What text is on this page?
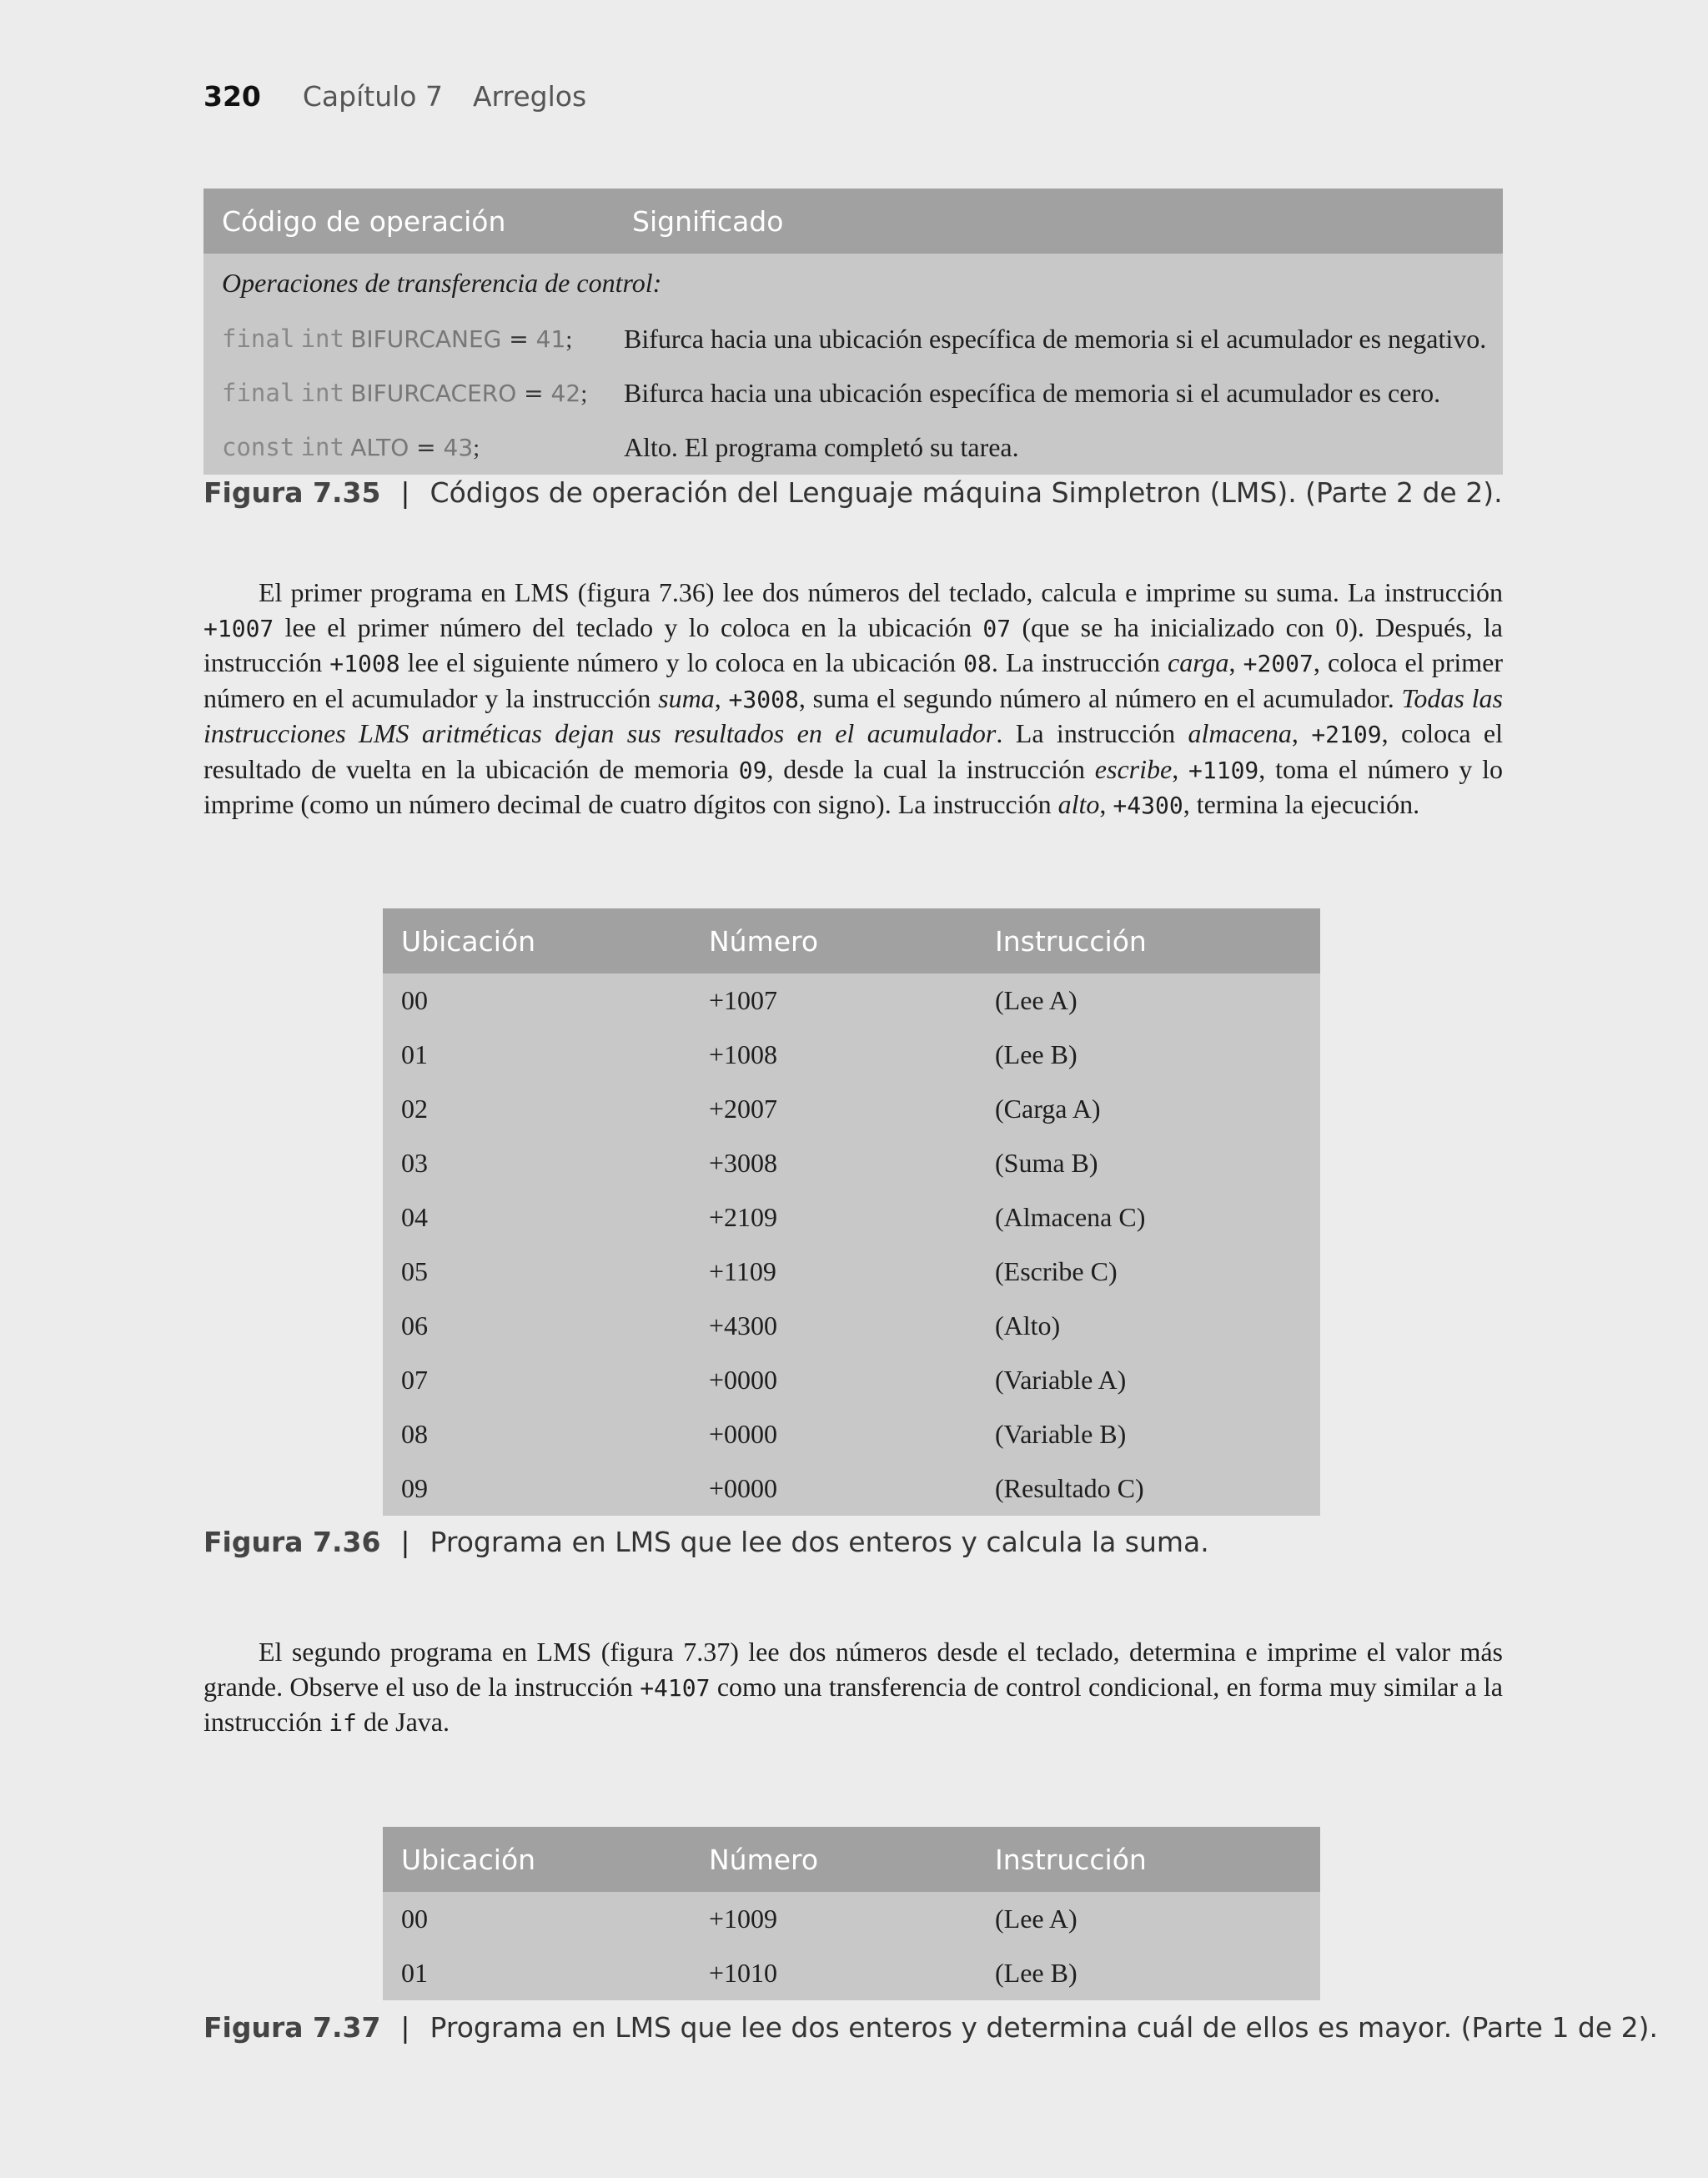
320 Capítulo 7 Arreglos
Código de operación	Significado
Operaciones de transferencia de control:	
final int BIFURCANEG = 41;	Bifurca hacia una ubicación específica de memoria si el acumulador es negativo.
final int BIFURCACERO = 42;	Bifurca hacia una ubicación específica de memoria si el acumulador es cero.
const int ALTO = 43;	Alto. El programa completó su tarea.
Figura 7.35 | Códigos de operación del Lenguaje máquina Simpletron (LMS). (Parte 2 de 2).

El primer programa en LMS (figura 7.36) lee dos números del teclado, calcula e imprime su suma. La instrucción +1007 lee el primer número del teclado y lo coloca en la ubicación 07 (que se ha inicializado con 0). Después, la instrucción +1008 lee el siguiente número y lo coloca en la ubicación 08. La instrucción carga, +2007, coloca el primer número en el acumulador y la instrucción suma, +3008, suma el segundo número al número en el acumulador. Todas las instrucciones LMS aritméticas dejan sus resultados en el acumulador. La instrucción almacena, +2109, coloca el resultado de vuelta en la ubicación de memoria 09, desde la cual la instrucción escribe, +1109, toma el número y lo imprime (como un número decimal de cuatro dígitos con signo). La instrucción alto, +4300, termina la ejecución.

Ubicación	Número	Instrucción
00	+1007	(Lee A)
01	+1008	(Lee B)
02	+2007	(Carga A)
03	+3008	(Suma B)
04	+2109	(Almacena C)
05	+1109	(Escribe C)
06	+4300	(Alto)
07	+0000	(Variable A)
08	+0000	(Variable B)
09	+0000	(Resultado C)
Figura 7.36 | Programa en LMS que lee dos enteros y calcula la suma.

El segundo programa en LMS (figura 7.37) lee dos números desde el teclado, determina e imprime el valor más grande. Observe el uso de la instrucción +4107 como una transferencia de control condicional, en forma muy similar a la instrucción if de Java.

Ubicación	Número	Instrucción
00	+1009	(Lee A)
01	+1010	(Lee B)
Figura 7.37 | Programa en LMS que lee dos enteros y determina cuál de ellos es mayor. (Parte 1 de 2).
